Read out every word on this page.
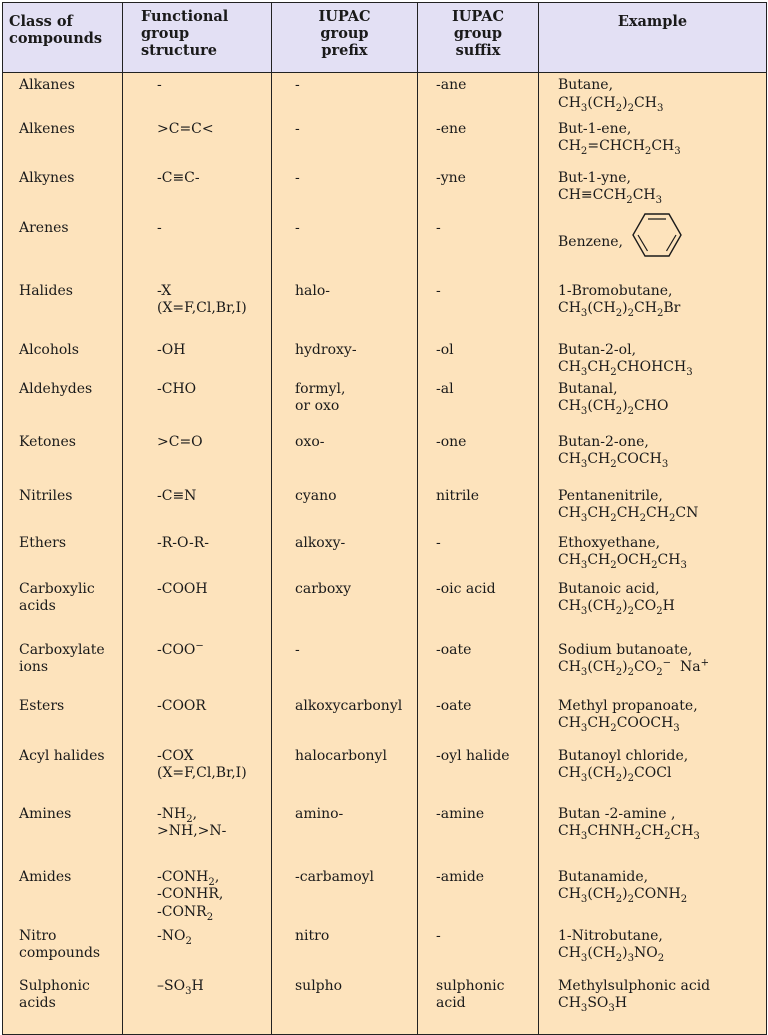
Class of
compounds	Functional
group
structure	IUPAC
group
prefix	IUPAC
group
suffix	Example

Alkanes	-	-	-ane	Butane,
$CH_3(CH_2)_2CH_3$

Alkenes	>C=C<	-	-ene	But-1-ene,
$CH_2=CHCH_2CH_3$

Alkynes	-C≡C-	-	-yne	But-1-yne,
$CH\equiv CCH_2CH_3$

Arenes	-	-	-	Benzene,

Halides	-X
(X=F,Cl,Br,I)	halo-	-	1-Bromobutane,
$CH_3(CH_2)_2CH_2Br$

Alcohols	-OH	hydroxy-	-ol	Butan-2-ol,
$CH_3CH_2CHOHCH_3$

Aldehydes	-CHO	formyl,
or oxo	-al	Butanal,
$CH_3(CH_2)_2CHO$

Ketones	>C=O	oxo-	-one	Butan-2-one,
$CH_3CH_2COCH_3$

Nitriles	-C≡N	cyano	nitrile	Pentanenitrile,
$CH_3CH_2CH_2CH_2CN$

Ethers	-R-O-R-	alkoxy-	-	Ethoxyethane,
$CH_3CH_2OCH_2CH_3$

Carboxylic
acids	-COOH	carboxy	-oic acid	Butanoic acid,
$CH_3(CH_2)_2CO_2H$

Carboxylate
ions	-COO−	-	-oate	Sodium butanoate,
$CH_3(CH_2)_2CO_2^-$  Na+

Esters	-COOR	alkoxycarbonyl	-oate	Methyl propanoate,
$CH_3CH_2COOCH_3$

Acyl halides	-COX
(X=F,Cl,Br,I)	halocarbonyl	-oyl halide	Butanoyl chloride,
$CH_3(CH_2)_2COCl$

Amines	$-NH_2$,
>NH,>N-	amino-	-amine	Butan -2-amine ,
$CH_3CHNH_2CH_2CH_3$

Amides	$-CONH_2$,
-CONHR,
$-CONR_2$	-carbamoyl	-amide	Butanamide,
$CH_3(CH_2)_2CONH_2$

Nitro
compounds	$-NO_2$	nitro	-	1-Nitrobutane,
$CH_3(CH_2)_3NO_2$

Sulphonic
acids	$-SO_3H$	sulpho	sulphonic
acid	Methylsulphonic acid
$CH_3SO_3H$
